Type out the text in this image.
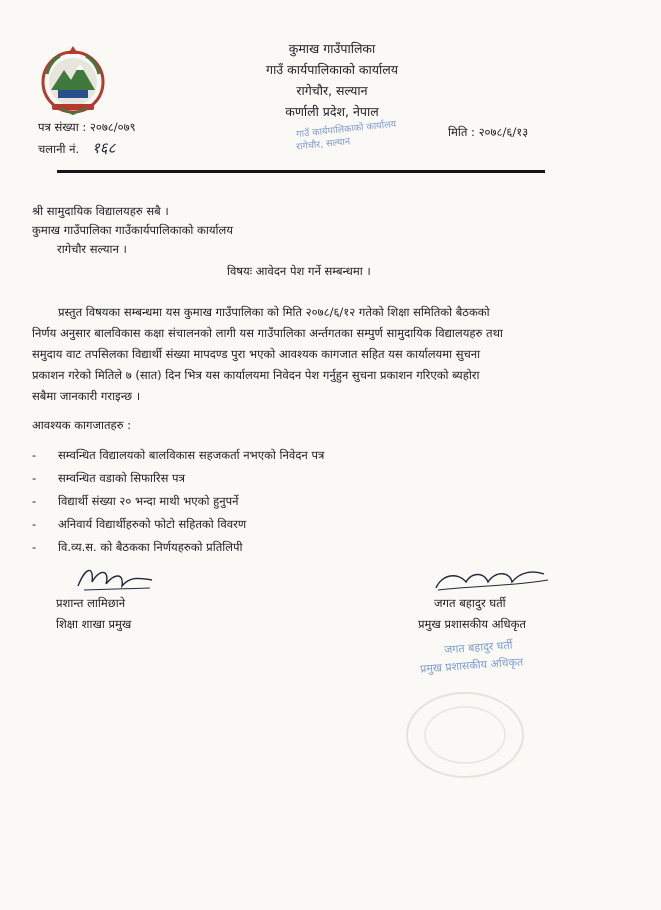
कुमाख गाउँपालिका
गाउँ कार्यपालिकाको कार्यालय
रागेचौर, सल्यान
कर्णाली प्रदेश, नेपाल
गाउँ कार्यपालिकाको कार्यालय
रागेचौर, सल्यान
पत्र संख्या : २०७८/०७९
चलानी नं. १६८
मिति : २०७८/६/१३
श्री सामुदायिक विद्यालयहरु सबै ।
कुमाख गाउँपालिका गाउँकार्यपालिकाको कार्यालय
रागेचौर सल्यान ।
विषयः आवेदन पेश गर्ने सम्बन्धमा ।
प्रस्तुत विषयका सम्बन्धमा यस कुमाख गाउँपालिका को मिति २०७८/६/१२ गतेको शिक्षा समितिको बैठकको
निर्णय अनुसार बालविकास कक्षा संचालनको लागी यस गाउँपालिका अर्न्तगतका सम्पुर्ण सामुदायिक विद्यालयहरु तथा
समुदाय वाट तपसिलका विद्यार्थी संख्या मापदण्ड पुरा भएको आवश्यक कागजात सहित यस कार्यालयमा सुचना
प्रकाशन गरेको मितिले ७ (सात) दिन भित्र यस कार्यालयमा निवेदन पेश गर्नुहुन सुचना प्रकाशन गरिएको ब्यहोरा
सबैमा जानकारी गराइन्छ ।
आवश्यक कागजातहरु :
- सम्वन्धित विद्यालयको बालविकास सहजकर्ता नभएको निवेदन पत्र
- सम्वन्धित वडाको सिफारिस पत्र
- विद्यार्थी संख्या २० भन्दा माथी भएको हुनुपर्ने
- अनिवार्य विद्यार्थीहरुको फोटो सहितको विवरण
- वि.व्य.स. को बैठकका निर्णयहरुको प्रतिलिपी
प्रशान्त लामिछाने
शिक्षा शाखा प्रमुख
जगत बहादुर घर्ती
प्रमुख प्रशासकीय अधिकृत
जगत बहादुर घर्ती
प्रमुख प्रशासकीय अधिकृत
